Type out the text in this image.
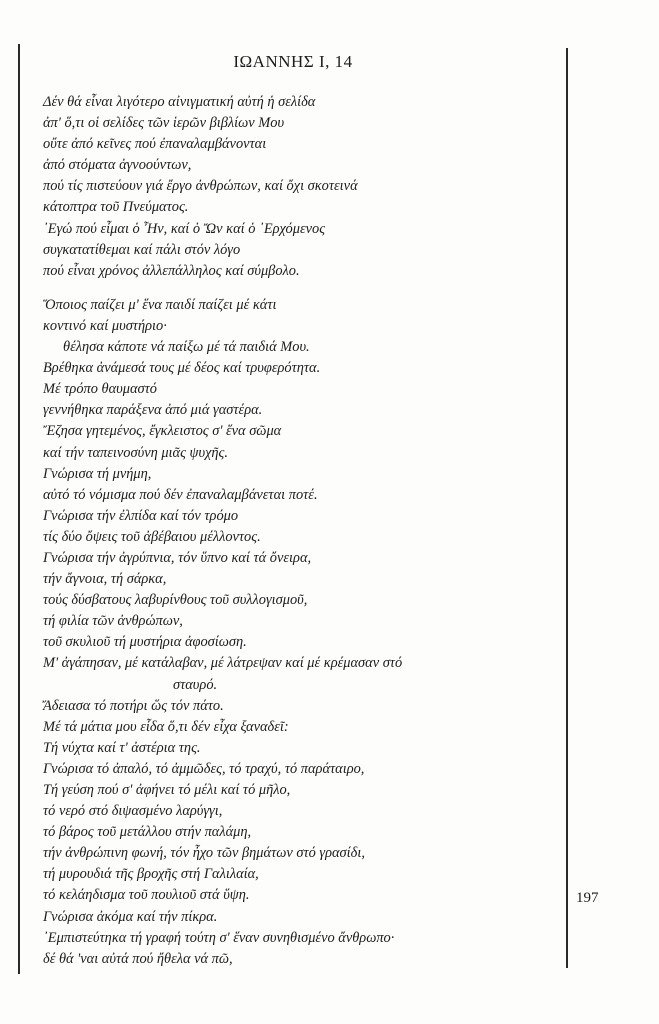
ΙΩΑΝΝΗΣ Ι, 14
Δέν θά εἶναι λιγότερο αἰνιγματική αὐτή ἡ σελίδα
ἀπ' ὅ,τι οἱ σελίδες τῶν ἱερῶν βιβλίων Μου
οὔτε ἀπό κεῖνες πού ἐπαναλαμβάνονται
ἀπό στόματα ἀγνοούντων,
πού τίς πιστεύουν γιά ἔργο ἀνθρώπων, καί ὄχι σκοτεινά
κάτοπτρα τοῦ Πνεύματος.
᾿Εγώ πού εἶμαι ὁ Ἦν, καί ὁ Ὤν καί ὁ ᾿Ερχόμενος
συγκατατίθεμαι καί πάλι στόν λόγο
πού εἶναι χρόνος ἀλλεπάλληλος καί σύμβολο.
Ὅποιος παίζει μ' ἕνα παιδί παίζει μέ κάτι
κοντινό καί μυστήριο·
θέλησα κάποτε νά παίξω μέ τά παιδιά Μου.
Βρέθηκα ἀνάμεσά τους μέ δέος καί τρυφερότητα.
Μέ τρόπο θαυμαστό
γεννήθηκα παράξενα ἀπό μιά γαστέρα.
Ἔζησα γητεμένος, ἔγκλειστος σ' ἕνα σῶμα
καί τήν ταπεινοσύνη μιᾶς ψυχῆς.
Γνώρισα τή μνήμη,
αὐτό τό νόμισμα πού δέν ἐπαναλαμβάνεται ποτέ.
Γνώρισα τήν ἐλπίδα καί τόν τρόμο
τίς δύο ὄψεις τοῦ ἀβέβαιου μέλλοντος.
Γνώρισα τήν ἀγρύπνια, τόν ὕπνο καί τά ὄνειρα,
τήν ἄγνοια, τή σάρκα,
τούς δύσβατους λαβυρίνθους τοῦ συλλογισμοῦ,
τή φιλία τῶν ἀνθρώπων,
τοῦ σκυλιοῦ τή μυστήρια ἀφοσίωση.
Μ' ἀγάπησαν, μέ κατάλαβαν, μέ λάτρεψαν καί μέ κρέμασαν στό
σταυρό.
Ἄδειασα τό ποτήρι ὥς τόν πάτο.
Μέ τά μάτια μου εἶδα ὅ,τι δέν εἶχα ξαναδεῖ:
Τή νύχτα καί τ' ἀστέρια της.
Γνώρισα τό ἀπαλό, τό ἀμμῶδες, τό τραχύ, τό παράταιρο,
Τή γεύση πού σ' ἀφήνει τό μέλι καί τό μῆλο,
τό νερό στό διψασμένο λαρύγγι,
τό βάρος τοῦ μετάλλου στήν παλάμη,
τήν ἀνθρώπινη φωνή, τόν ἦχο τῶν βημάτων στό γρασίδι,
τή μυρουδιά τῆς βροχῆς στή Γαλιλαία,
τό κελάηδισμα τοῦ πουλιοῦ στά ὕψη.
Γνώρισα ἀκόμα καί τήν πίκρα.
᾿Εμπιστεύτηκα τή γραφή τούτη σ' ἕναν συνηθισμένο ἄνθρωπο·
δέ θά 'ναι αὐτά πού ἤθελα νά πῶ,
197
